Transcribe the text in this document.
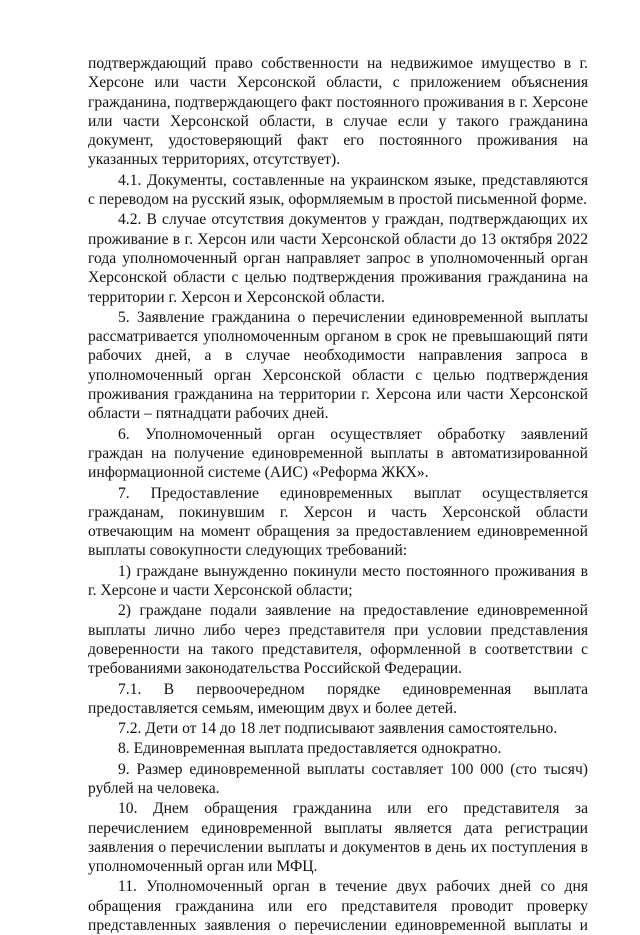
подтверждающий право собственности на недвижимое имущество в г. Херсоне или части Херсонской области, с приложением объяснения гражданина, подтверждающего факт постоянного проживания в г. Херсоне или части Херсонской области, в случае если у такого гражданина документ, удостоверяющий факт его постоянного проживания на указанных территориях, отсутствует).

4.1. Документы, составленные на украинском языке, представляются с переводом на русский язык, оформляемым в простой письменной форме.

4.2. В случае отсутствия документов у граждан, подтверждающих их проживание в г. Херсон или части Херсонской области до 13 октября 2022 года уполномоченный орган направляет запрос в уполномоченный орган Херсонской области с целью подтверждения проживания гражданина на территории г. Херсон и Херсонской области.

5. Заявление гражданина о перечислении единовременной выплаты рассматривается уполномоченным органом в срок не превышающий пяти рабочих дней, а в случае необходимости направления запроса в уполномоченный орган Херсонской области с целью подтверждения проживания гражданина на территории г. Херсона или части Херсонской области – пятнадцати рабочих дней.

6. Уполномоченный орган осуществляет обработку заявлений граждан на получение единовременной выплаты в автоматизированной информационной системе (АИС) «Реформа ЖКХ».

7. Предоставление единовременных выплат осуществляется гражданам, покинувшим г. Херсон и часть Херсонской области отвечающим на момент обращения за предоставлением единовременной выплаты совокупности следующих требований:

1) граждане вынужденно покинули место постоянного проживания в г. Херсоне и части Херсонской области;

2) граждане подали заявление на предоставление единовременной выплаты лично либо через представителя при условии представления доверенности на такого представителя, оформленной в соответствии с требованиями законодательства Российской Федерации.

7.1. В первоочередном порядке единовременная выплата предоставляется семьям, имеющим двух и более детей.

7.2. Дети от 14 до 18 лет подписывают заявления самостоятельно.

8. Единовременная выплата предоставляется однократно.

9. Размер единовременной выплаты составляет 100 000 (сто тысяч) рублей на человека.

10. Днем обращения гражданина или его представителя за перечислением единовременной выплаты является дата регистрации заявления о перечислении выплаты и документов в день их поступления в уполномоченный орган или МФЦ.

11. Уполномоченный орган в течение двух рабочих дней со дня обращения гражданина или его представителя проводит проверку представленных заявления о перечислении единовременной выплаты и
